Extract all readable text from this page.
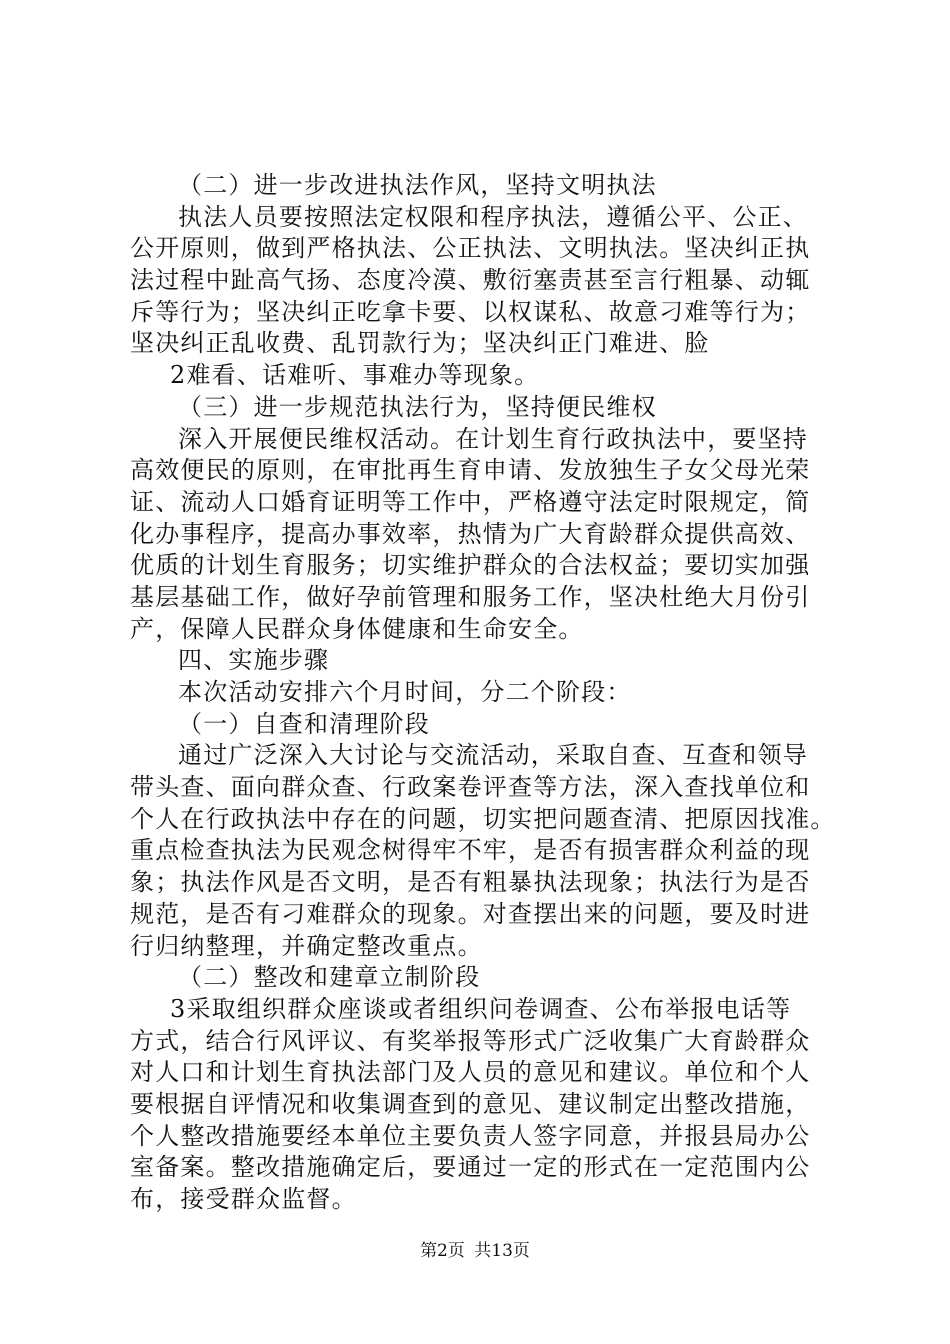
（二）进一步改进执法作风，坚持文明执法
执法人员要按照法定权限和程序执法，遵循公平、公正、
公开原则，做到严格执法、公正执法、文明执法。坚决纠正执
法过程中趾高气扬、态度冷漠、敷衍塞责甚至言行粗暴、动辄
斥等行为；坚决纠正吃拿卡要、以权谋私、故意刁难等行为；
坚决纠正乱收费、乱罚款行为；坚决纠正门难进、脸
2难看、话难听、事难办等现象。
（三）进一步规范执法行为，坚持便民维权
深入开展便民维权活动。在计划生育行政执法中，要坚持
高效便民的原则，在审批再生育申请、发放独生子女父母光荣
证、流动人口婚育证明等工作中，严格遵守法定时限规定，简
化办事程序，提高办事效率，热情为广大育龄群众提供高效、
优质的计划生育服务；切实维护群众的合法权益；要切实加强
基层基础工作，做好孕前管理和服务工作，坚决杜绝大月份引
产，保障人民群众身体健康和生命安全。
四、实施步骤
本次活动安排六个月时间，分二个阶段：
（一）自查和清理阶段
通过广泛深入大讨论与交流活动，采取自查、互查和领导
带头查、面向群众查、行政案卷评查等方法，深入查找单位和
个人在行政执法中存在的问题，切实把问题查清、把原因找准。
重点检查执法为民观念树得牢不牢，是否有损害群众利益的现
象；执法作风是否文明，是否有粗暴执法现象；执法行为是否
规范，是否有刁难群众的现象。对查摆出来的问题，要及时进
行归纳整理，并确定整改重点。
（二）整改和建章立制阶段
3采取组织群众座谈或者组织问卷调查、公布举报电话等
方式，结合行风评议、有奖举报等形式广泛收集广大育龄群众
对人口和计划生育执法部门及人员的意见和建议。单位和个人
要根据自评情况和收集调查到的意见、建议制定出整改措施，
个人整改措施要经本单位主要负责人签字同意，并报县局办公
室备案。整改措施确定后，要通过一定的形式在一定范围内公
布，接受群众监督。
第2页 共13页
